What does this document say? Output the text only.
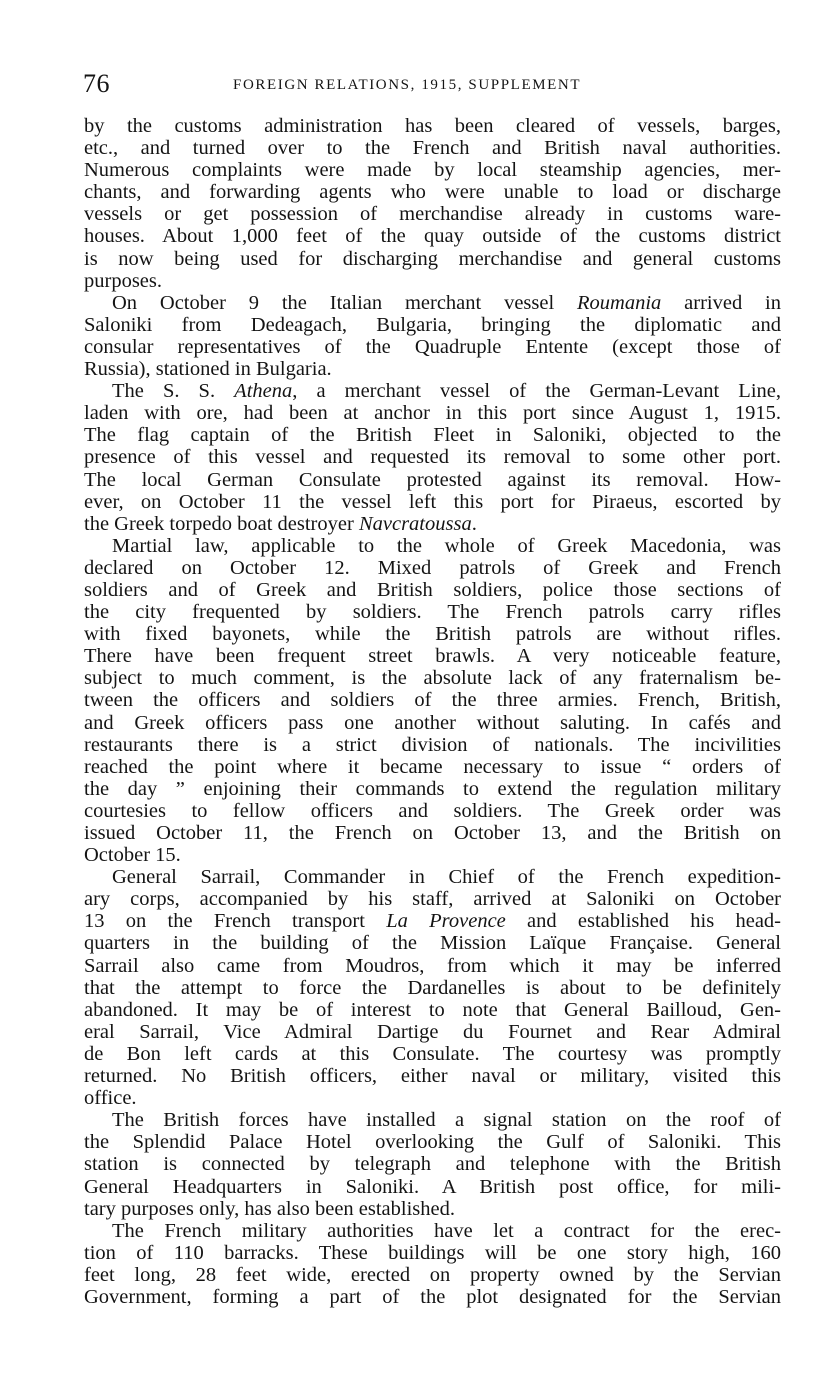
76	FOREIGN RELATIONS, 1915, SUPPLEMENT
by the customs administration has been cleared of vessels, barges,
etc., and turned over to the French and British naval authorities.
Numerous complaints were made by local steamship agencies, mer-
chants, and forwarding agents who were unable to load or discharge
vessels or get possession of merchandise already in customs ware-
houses. About 1,000 feet of the quay outside of the customs district
is now being used for discharging merchandise and general customs
purposes.
On October 9 the Italian merchant vessel Roumania arrived in
Saloniki from Dedeagach, Bulgaria, bringing the diplomatic and
consular representatives of the Quadruple Entente (except those of
Russia), stationed in Bulgaria.
The S. S. Athena, a merchant vessel of the German-Levant Line,
laden with ore, had been at anchor in this port since August 1, 1915.
The flag captain of the British Fleet in Saloniki, objected to the
presence of this vessel and requested its removal to some other port.
The local German Consulate protested against its removal. How-
ever, on October 11 the vessel left this port for Piraeus, escorted by
the Greek torpedo boat destroyer Navcratoussa.
Martial law, applicable to the whole of Greek Macedonia, was
declared on October 12. Mixed patrols of Greek and French
soldiers and of Greek and British soldiers, police those sections of
the city frequented by soldiers. The French patrols carry rifles
with fixed bayonets, while the British patrols are without rifles.
There have been frequent street brawls. A very noticeable feature,
subject to much comment, is the absolute lack of any fraternalism be-
tween the officers and soldiers of the three armies. French, British,
and Greek officers pass one another without saluting. In cafés and
restaurants there is a strict division of nationals. The incivilities
reached the point where it became necessary to issue “ orders of
the day ” enjoining their commands to extend the regulation military
courtesies to fellow officers and soldiers. The Greek order was
issued October 11, the French on October 13, and the British on
October 15.
General Sarrail, Commander in Chief of the French expedition-
ary corps, accompanied by his staff, arrived at Saloniki on October
13 on the French transport La Provence and established his head-
quarters in the building of the Mission Laïque Française. General
Sarrail also came from Moudros, from which it may be inferred
that the attempt to force the Dardanelles is about to be definitely
abandoned. It may be of interest to note that General Bailloud, Gen-
eral Sarrail, Vice Admiral Dartige du Fournet and Rear Admiral
de Bon left cards at this Consulate. The courtesy was promptly
returned. No British officers, either naval or military, visited this
office.
The British forces have installed a signal station on the roof of
the Splendid Palace Hotel overlooking the Gulf of Saloniki. This
station is connected by telegraph and telephone with the British
General Headquarters in Saloniki. A British post office, for mili-
tary purposes only, has also been established.
The French military authorities have let a contract for the erec-
tion of 110 barracks. These buildings will be one story high, 160
feet long, 28 feet wide, erected on property owned by the Servian
Government, forming a part of the plot designated for the Servian
